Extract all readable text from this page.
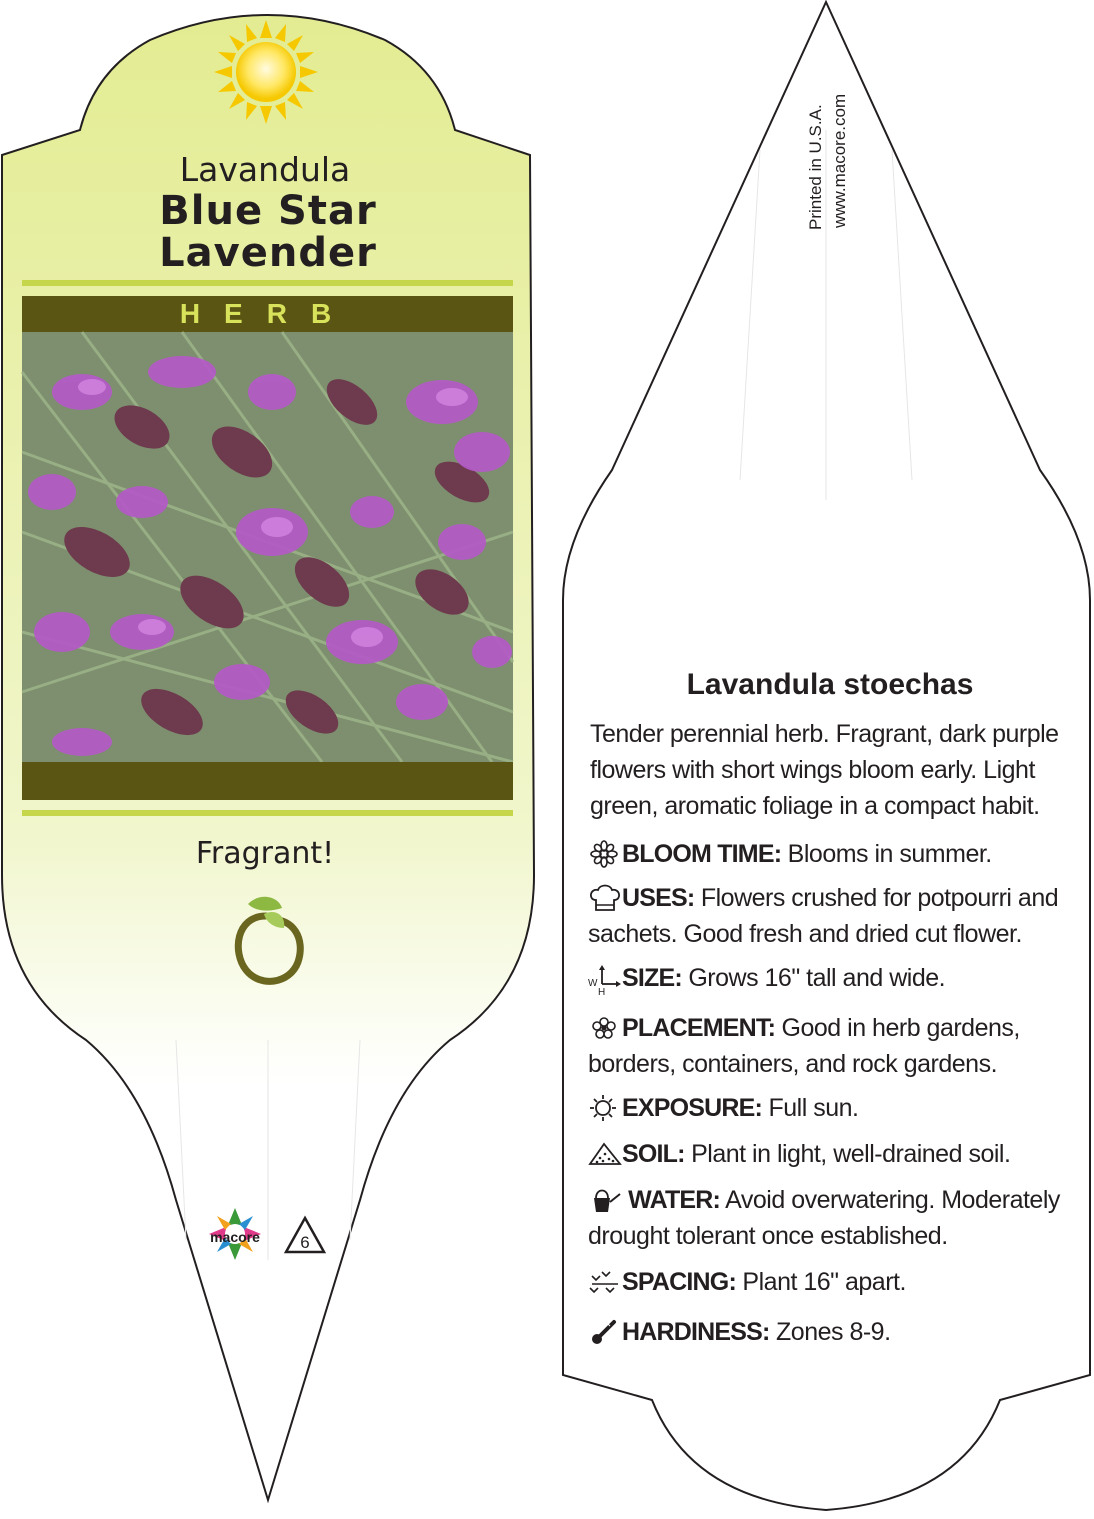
Lavandula
Blue Star
Lavender
HERB
Fragrant!
macore 6
Lavandula stoechas
Tender perennial herb. Fragrant, dark purple flowers with short wings bloom early. Light green, aromatic foliage in a compact habit.
BLOOM TIME: Blooms in summer.
USES: Flowers crushed for potpourri and sachets. Good fresh and dried cut flower.
W
H
SIZE: Grows 16" tall and wide.
PLACEMENT: Good in herb gardens, borders, containers, and rock gardens.
EXPOSURE: Full sun.
SOIL: Plant in light, well-drained soil.
WATER: Avoid overwatering. Moderately drought tolerant once established.
SPACING: Plant 16" apart.
HARDINESS: Zones 8-9.
